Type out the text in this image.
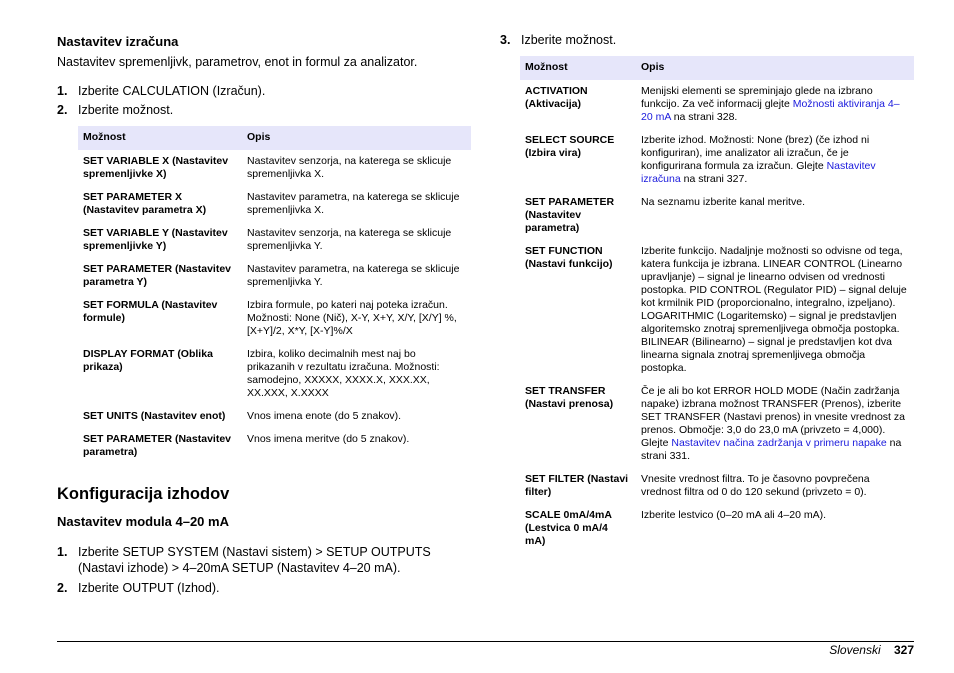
Nastavitev izračuna
Nastavitev spremenljivk, parametrov, enot in formul za analizator.
1. Izberite CALCULATION (Izračun).
2. Izberite možnost.
Možnost	Opis
SET VARIABLE X (Nastavitev spremenljivke X)	Nastavitev senzorja, na katerega se sklicuje spremenljivka X.
SET PARAMETER X (Nastavitev parametra X)	Nastavitev parametra, na katerega se sklicuje spremenljivka X.
SET VARIABLE Y (Nastavitev spremenljivke Y)	Nastavitev senzorja, na katerega se sklicuje spremenljivka Y.
SET PARAMETER (Nastavitev parametra Y)	Nastavitev parametra, na katerega se sklicuje spremenljivka Y.
SET FORMULA (Nastavitev formule)	Izbira formule, po kateri naj poteka izračun. Možnosti: None (Nič), X-Y, X+Y, X/Y, [X/Y] %, [X+Y]/2, X*Y, [X-Y]%/X
DISPLAY FORMAT (Oblika prikaza)	Izbira, koliko decimalnih mest naj bo prikazanih v rezultatu izračuna. Možnosti: samodejno, XXXXX, XXXX.X, XXX.XX, XX.XXX, X.XXXX
SET UNITS (Nastavitev enot)	Vnos imena enote (do 5 znakov).
SET PARAMETER (Nastavitev parametra)	Vnos imena meritve (do 5 znakov).
Konfiguracija izhodov
Nastavitev modula 4–20 mA
1. Izberite SETUP SYSTEM (Nastavi sistem) > SETUP OUTPUTS (Nastavi izhode) > 4–20mA SETUP (Nastavitev 4–20 mA).
2. Izberite OUTPUT (Izhod).
3. Izberite možnost.
Možnost	Opis
ACTIVATION (Aktivacija)	Menijski elementi se spreminjajo glede na izbrano funkcijo. Za več informacij glejte Možnosti aktiviranja 4–20 mA na strani 328.
SELECT SOURCE (Izbira vira)	Izberite izhod. Možnosti: None (brez) (če izhod ni konfiguriran), ime analizator ali izračun, če je konfigurirana formula za izračun. Glejte Nastavitev izračuna na strani 327.
SET PARAMETER (Nastavitev parametra)	Na seznamu izberite kanal meritve.
SET FUNCTION (Nastavi funkcijo)	Izberite funkcijo. Nadaljnje možnosti so odvisne od tega, katera funkcija je izbrana. LINEAR CONTROL (Linearno upravljanje) – signal je linearno odvisen od vrednosti postopka. PID CONTROL (Regulator PID) – signal deluje kot krmilnik PID (proporcionalno, integralno, izpeljano). LOGARITHMIC (Logaritemsko) – signal je predstavljen algoritemsko znotraj spremenljivega območja postopka. BILINEAR (Bilinearno) – signal je predstavljen kot dva linearna signala znotraj spremenljivega območja postopka.
SET TRANSFER (Nastavi prenosa)	Če je ali bo kot ERROR HOLD MODE (Način zadržanja napake) izbrana možnost TRANSFER (Prenos), izberite SET TRANSFER (Nastavi prenos) in vnesite vrednost za prenos. Območje: 3,0 do 23,0 mA (privzeto = 4,000). Glejte Nastavitev načina zadržanja v primeru napake na strani 331.
SET FILTER (Nastavi filter)	Vnesite vrednost filtra. To je časovno povprečena vrednost filtra od 0 do 120 sekund (privzeto = 0).
SCALE 0mA/4mA (Lestvica 0 mA/4 mA)	Izberite lestvico (0–20 mA ali 4–20 mA).
Slovenski 327
